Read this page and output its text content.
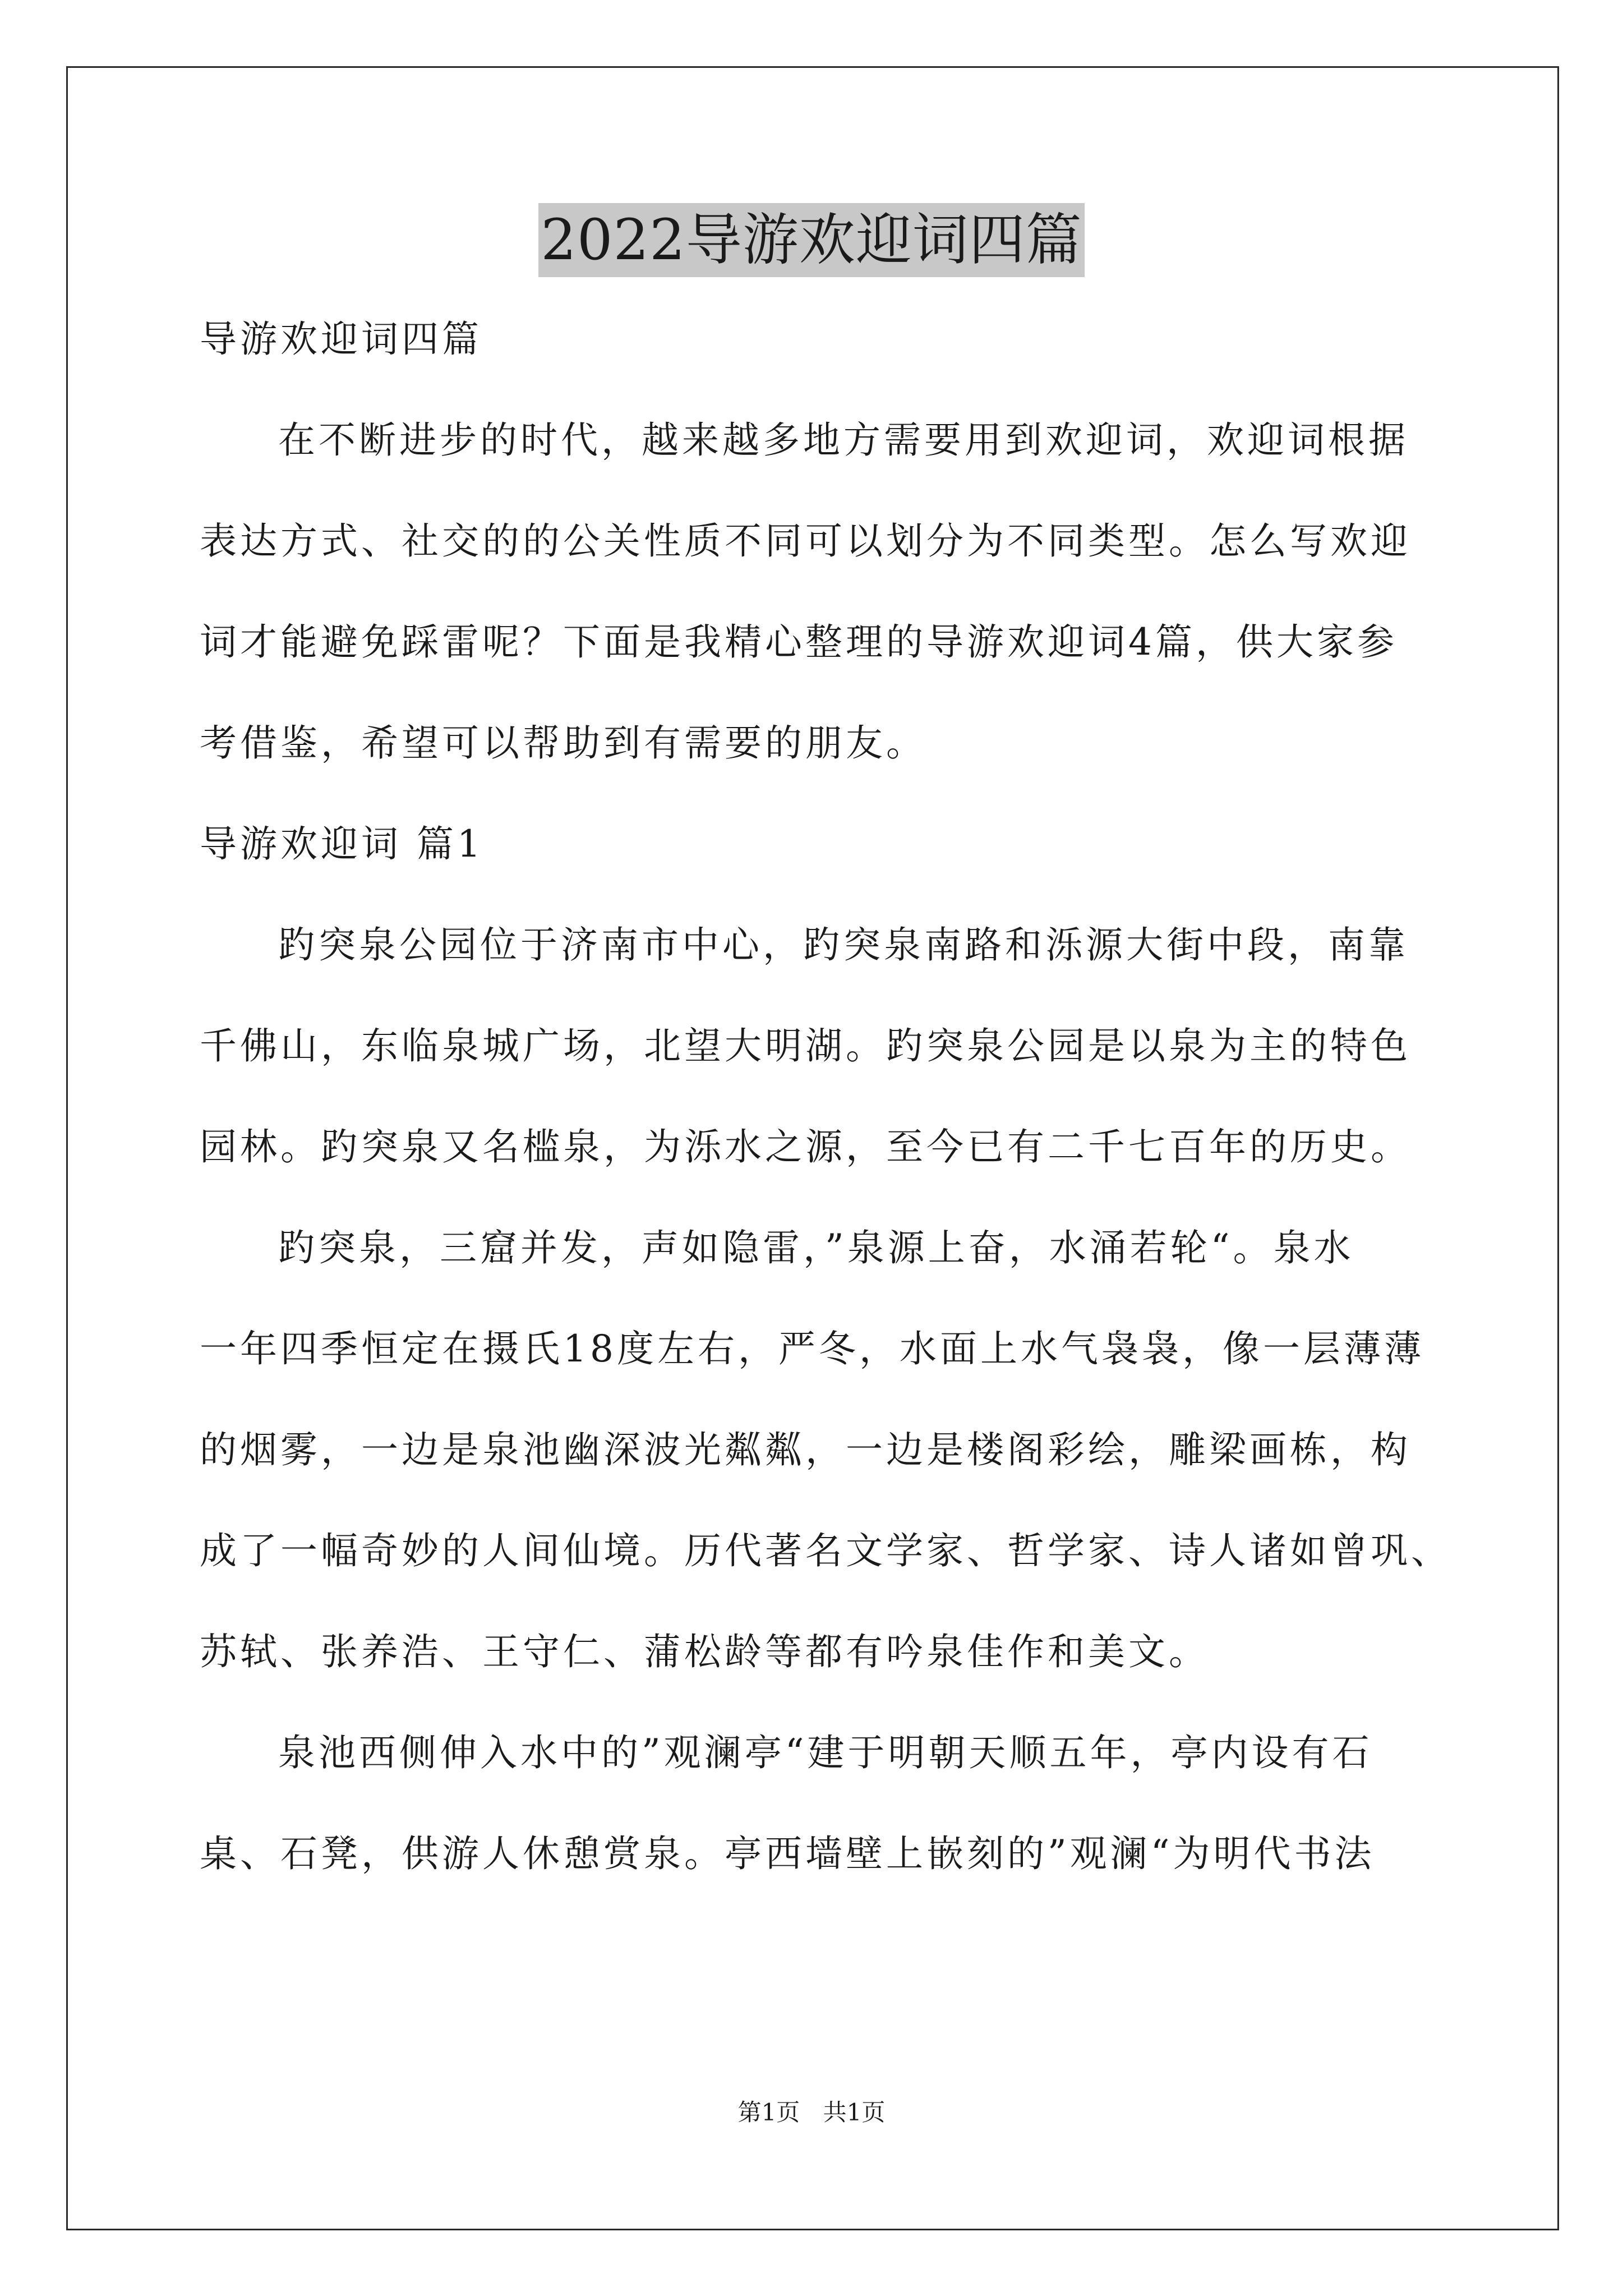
2022导游欢迎词四篇
导游欢迎词四篇
在不断进步的时代，越来越多地方需要用到欢迎词，欢迎词根据
表达方式、社交的的公关性质不同可以划分为不同类型。怎么写欢迎
词才能避免踩雷呢？下面是我精心整理的导游欢迎词4篇，供大家参
考借鉴，希望可以帮助到有需要的朋友。
导游欢迎词 篇1
趵突泉公园位于济南市中心，趵突泉南路和泺源大街中段，南靠
千佛山，东临泉城广场，北望大明湖。趵突泉公园是以泉为主的特色
园林。趵突泉又名槛泉，为泺水之源，至今已有二千七百年的历史。
趵突泉，三窟并发，声如隐雷，”泉源上奋，水涌若轮“。泉水
一年四季恒定在摄氏18度左右，严冬，水面上水气袅袅，像一层薄薄
的烟雾，一边是泉池幽深波光粼粼，一边是楼阁彩绘，雕梁画栋，构
成了一幅奇妙的人间仙境。历代著名文学家、哲学家、诗人诸如曾巩、
苏轼、张养浩、王守仁、蒲松龄等都有吟泉佳作和美文。
泉池西侧伸入水中的”观澜亭“建于明朝天顺五年，亭内设有石
桌、石凳，供游人休憩赏泉。亭西墙壁上嵌刻的”观澜“为明代书法
第1页 共1页
